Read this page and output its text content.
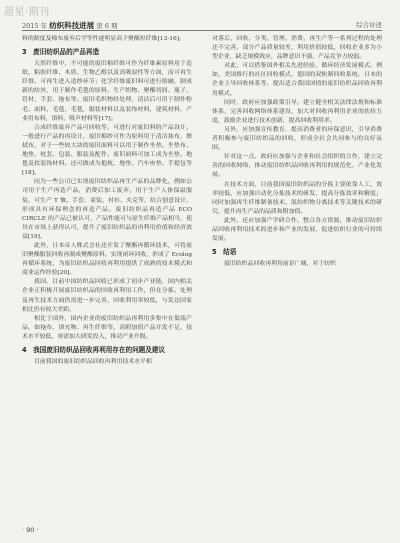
超星·期刊
2015 年 纺织科技进展 第 6 期	综合评述

料的制度及棉布废弃后学等性能明显高于聚酯短纤维[13-16]。

3　废旧纺织品的产品再造

天然纤维中，不可能的废旧棉纤维可作为纤维素原料用于造纸、粘胶纤维、木质、生物乙醇以及高吸湿性等方面，而可再生纤维，可再生进入造纱环节；化学纤维废旧料可进行熔融，制成新的纺丝，用于制作毛毯的原料，生产织物、聚酯切屑、瓶子、管材、手套、拖布等。废旧毛织物经处理，清洁后可用于制作粉毛、面料、毛毯，毛毯，服装材料以及装饰材料，建筑材料，产业用布料，填料，吸声材料等[17]。

合成纤维废弃产品可回收等。可进行对废旧料的产品设计，一般进行产品的再设计，废旧棉纱可作为原料用于清洁抹布，擦拭布，对于一些较大块的废旧面料可以用于制作坐垫、坐垫布、地垫、枕套、包装、服装及配件、废旧面料可加工成为坐垫、地毯及软装饰材料。还可做成为抱枕、地垫、汽车座垫、手提包等[18]。

同为一些公司已实现废旧纺织品再生产品的品牌化，例如公司用于生产再造产品，消费后加工废弃，用于生产人体保温服装，可生产 T 恤、手套、童装、衬衫、夹克等，结合创意设计，形成具有环保理念的再造产品。废旧纺织品再造产品 ECO CIRCLE 的产品已被认可，产品性能可与原生纤维产品相当，使其在市场上获得认可，提升了废旧纺织品的再利用价值和经济效益[19]。

此外，日本帝人株式会社还开发了聚酯再循环技术，可将废旧聚酯服装回收再制成聚酯原料，实现闭环回收，形成了 Ecolog 再循环系统，为废旧纺织品回收再利用提供了成熟的技术模式和商业运作经验[20]。

我国，目前中国纺织品回收已形成了初步产业链，国内相关企业正积极开展废旧纺织品的回收再利用工作，但在分拣、处理及再生技术方面仍需进一步完善，回收利用率较低，与发达国家相比仍有较大差距。

相比于国外，国内企业的废旧纺织品再利用多集中在低端产品，如拖布、填充物、再生纤维等，高附加值产品开发不足，技术水平较低，亟需加大研发投入，推动产业升级。

4　我国废旧纺织品回收再利用存在的问题及建议

目前我国的废旧纺织品回收再利用技术水平相

对落后，回收、分类、管理、消费、再生产等一系列过程的处理还不完善，部分产品质量较差，利用价值较低，回收企业多为小型企业，缺乏规模效应，品牌意识不强，产品竞争力较弱。

对此，可以借鉴国外相关先进经验，循环经济发展模式，例如，美国推行的社区回收模式，德国的双轨制回收系统，日本的企业主导回收体系等，提出适合我国国情的废旧纺织品回收再利用模式。

同时，政府应加强政策引导，建立健全相关法律法规和标准体系，完善回收网络体系建设，加大对回收再利用企业的扶持力度，鼓励企业进行技术创新，提高回收利用率。

另外，应加强宣传教育，提高消费者的环保意识，引导消费者积极参与废旧纺织品的回收，形成全社会共同参与的良好氛围。

针对这一点，政府应加强与企业和社会组织的合作，建立完善的回收网络，推动废旧纺织品回收再利用的规范化、产业化发展。

在技术方面，目前我国废旧纺织品的分拣主要依靠人工，效率较低，应加强自动化分拣技术的研发，提高分拣效率和精度；同时加强再生纤维制备技术、混纺织物分离技术等关键技术的研究，提升再生产品的品质和附加值。

此外，还应加强产学研合作，整合各方资源，推动废旧纺织品回收再利用技术的进步和产业的发展，促进纺织行业的可持续发展。

5　结语

废旧纺织品回收再利用前景广阔，对于纺织

· 90 ·
